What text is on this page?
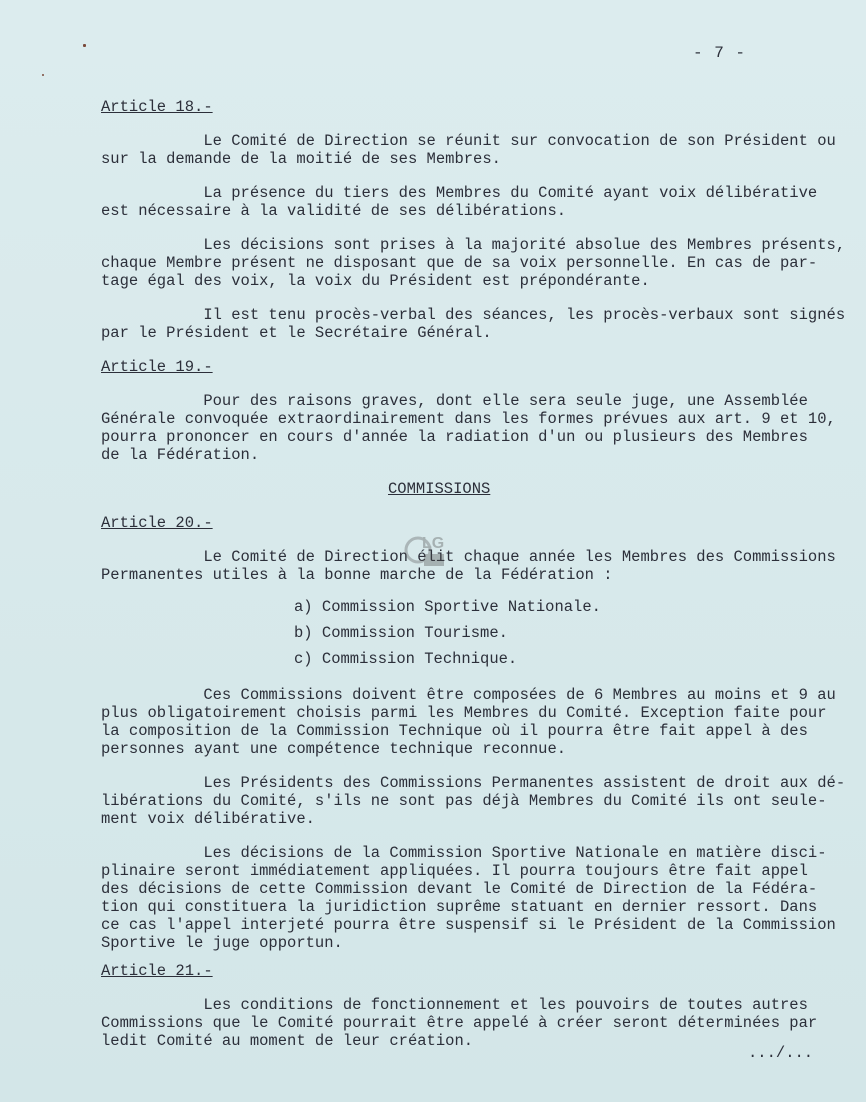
- 7 -
Article 18.-
Le Comité de Direction se réunit sur convocation de son Président ou
sur la demande de la moitié de ses Membres.
La présence du tiers des Membres du Comité ayant voix délibérative
est nécessaire à la validité de ses délibérations.
Les décisions sont prises à la majorité absolue des Membres présents,
chaque Membre présent ne disposant que de sa voix personnelle. En cas de par-
tage égal des voix, la voix du Président est prépondérante.
Il est tenu procès-verbal des séances, les procès-verbaux sont signés
par le Président et le Secrétaire Général.
Article 19.-
Pour des raisons graves, dont elle sera seule juge, une Assemblée
Générale convoquée extraordinairement dans les formes prévues aux art. 9 et 10,
pourra prononcer en cours d'année la radiation d'un ou plusieurs des Membres
de la Fédération.
COMMISSIONS
Article 20.-
Le Comité de Direction élit chaque année les Membres des Commissions
Permanentes utiles à la bonne marche de la Fédération :
LG
a) Commission Sportive Nationale.
b) Commission Tourisme.
c) Commission Technique.
Ces Commissions doivent être composées de 6 Membres au moins et 9 au
plus obligatoirement choisis parmi les Membres du Comité. Exception faite pour
la composition de la Commission Technique où il pourra être fait appel à des
personnes ayant une compétence technique reconnue.
Les Présidents des Commissions Permanentes assistent de droit aux dé-
libérations du Comité, s'ils ne sont pas déjà Membres du Comité ils ont seule-
ment voix délibérative.
Les décisions de la Commission Sportive Nationale en matière disci-
plinaire seront immédiatement appliquées. Il pourra toujours être fait appel
des décisions de cette Commission devant le Comité de Direction de la Fédéra-
tion qui constituera la juridiction suprême statuant en dernier ressort. Dans
ce cas l'appel interjeté pourra être suspensif si le Président de la Commission
Sportive le juge opportun.
Article 21.-
Les conditions de fonctionnement et les pouvoirs de toutes autres
Commissions que le Comité pourrait être appelé à créer seront déterminées par
ledit Comité au moment de leur création.
.../...
